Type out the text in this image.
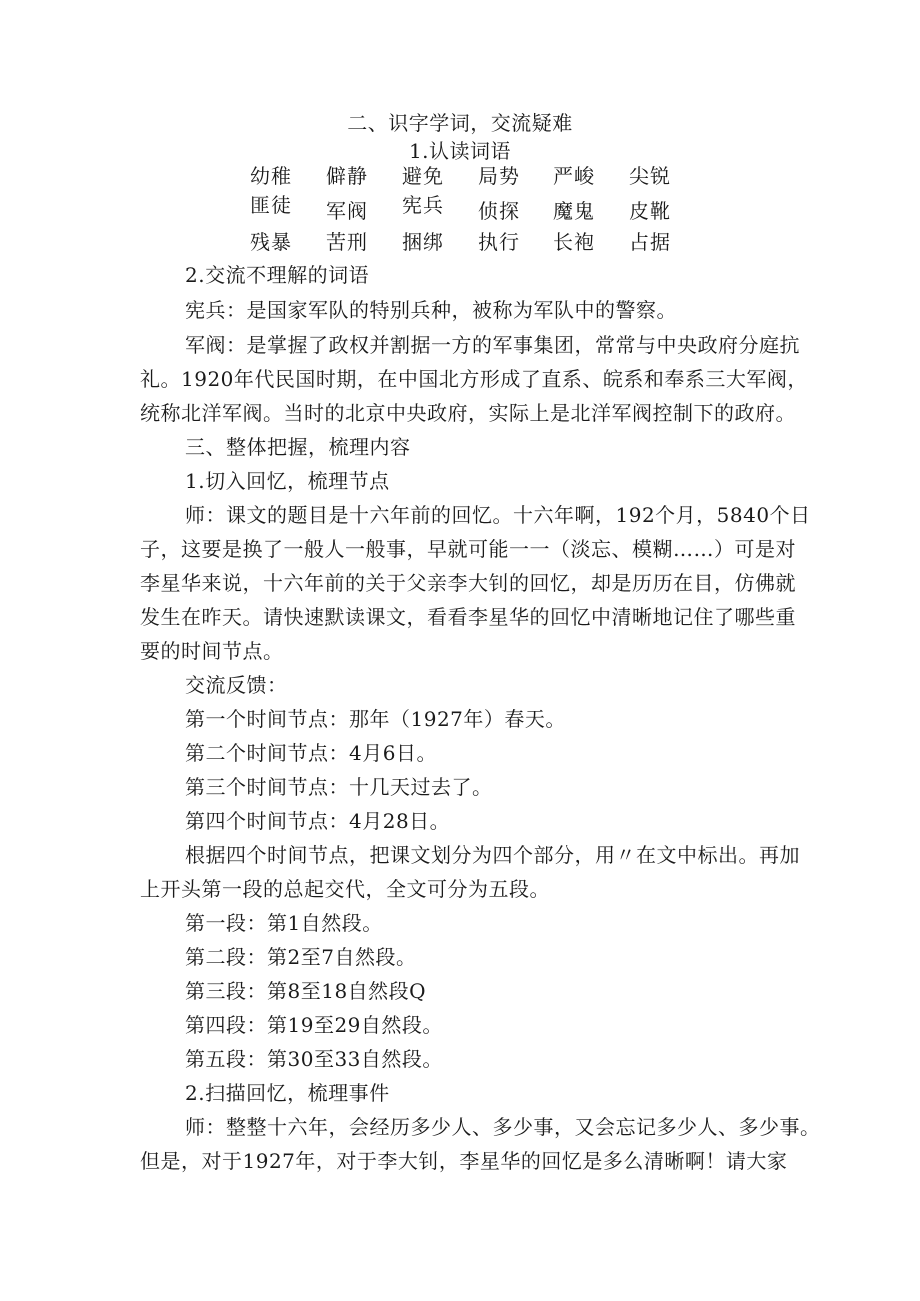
二、识字学词，交流疑难
1.认读词语
幼稚 僻静 避免 局势 严峻 尖锐
匪徒 军阀 宪兵 侦探 魔鬼 皮靴
残暴 苦刑 捆绑 执行 长袍 占据
2.交流不理解的词语
宪兵：是国家军队的特别兵种，被称为军队中的警察。
军阀：是掌握了政权并割据一方的军事集团，常常与中央政府分庭抗
礼。1920年代民国时期，在中国北方形成了直系、皖系和奉系三大军阀，
统称北洋军阀。当时的北京中央政府，实际上是北洋军阀控制下的政府。
三、整体把握，梳理内容
1.切入回忆，梳理节点
师：课文的题目是十六年前的回忆。十六年啊，192个月，5840个日
子，这要是换了一般人一般事，早就可能一一（淡忘、模糊……）可是对
李星华来说，十六年前的关于父亲李大钊的回忆，却是历历在目，仿佛就
发生在昨天。请快速默读课文，看看李星华的回忆中清晰地记住了哪些重
要的时间节点。
交流反馈：
第一个时间节点：那年（1927年）春天。
第二个时间节点：4月6日。
第三个时间节点：十几天过去了。
第四个时间节点：4月28日。
根据四个时间节点，把课文划分为四个部分，用〃在文中标出。再加
上开头第一段的总起交代，全文可分为五段。
第一段：第1自然段。
第二段：第2至7自然段。
第三段：第8至18自然段Q
第四段：第19至29自然段。
第五段：第30至33自然段。
2.扫描回忆，梳理事件
师：整整十六年，会经历多少人、多少事，又会忘记多少人、多少事。
但是，对于1927年，对于李大钊，李星华的回忆是多么清晰啊！请大家
